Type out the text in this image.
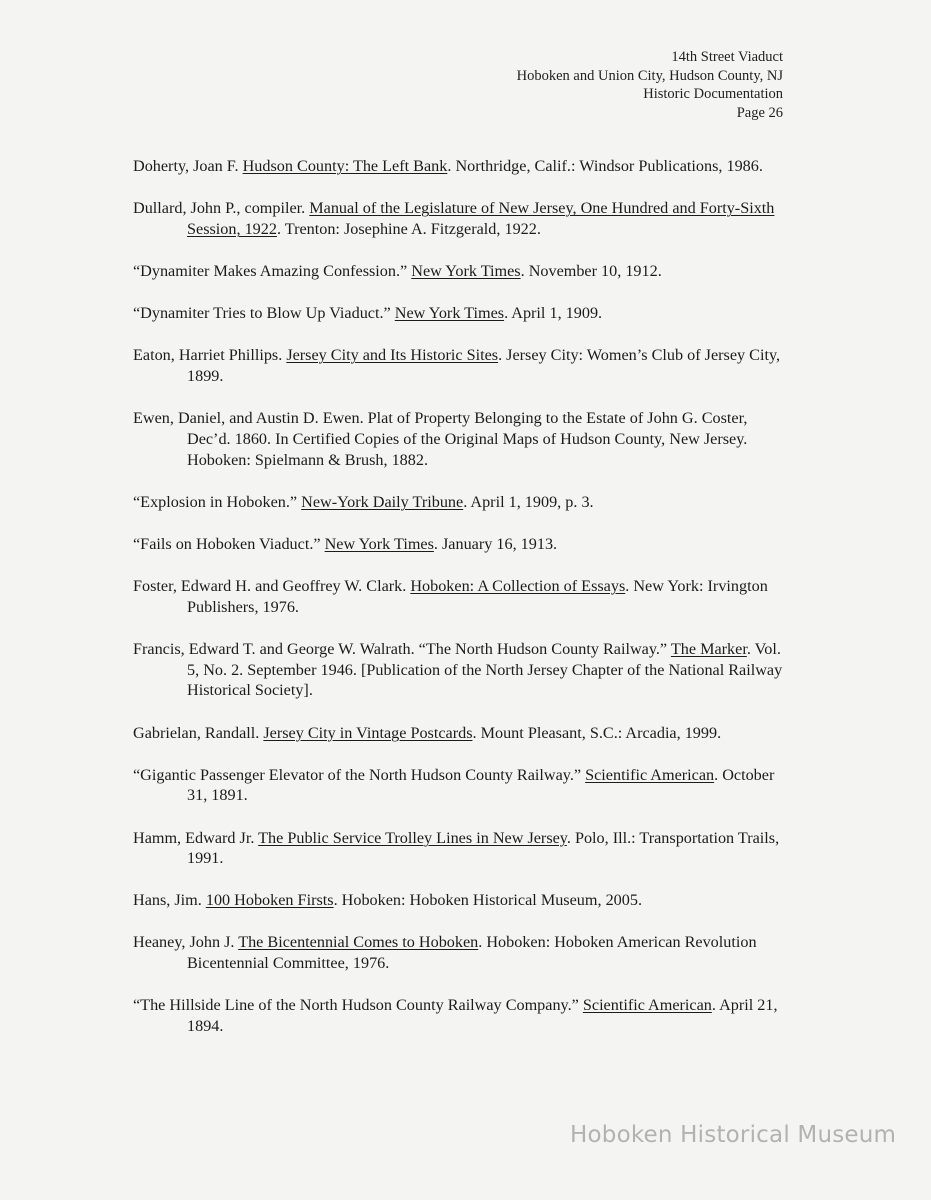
14th Street Viaduct
Hoboken and Union City, Hudson County, NJ
Historic Documentation
Page 26

Doherty, Joan F. Hudson County: The Left Bank. Northridge, Calif.: Windsor Publications, 1986.

Dullard, John P., compiler. Manual of the Legislature of New Jersey, One Hundred and Forty-Sixth Session, 1922. Trenton: Josephine A. Fitzgerald, 1922.

“Dynamiter Makes Amazing Confession.” New York Times. November 10, 1912.

“Dynamiter Tries to Blow Up Viaduct.” New York Times. April 1, 1909.

Eaton, Harriet Phillips. Jersey City and Its Historic Sites. Jersey City: Women’s Club of Jersey City, 1899.

Ewen, Daniel, and Austin D. Ewen. Plat of Property Belonging to the Estate of John G. Coster, Dec’d. 1860. In Certified Copies of the Original Maps of Hudson County, New Jersey. Hoboken: Spielmann & Brush, 1882.

“Explosion in Hoboken.” New-York Daily Tribune. April 1, 1909, p. 3.

“Fails on Hoboken Viaduct.” New York Times. January 16, 1913.

Foster, Edward H. and Geoffrey W. Clark. Hoboken: A Collection of Essays. New York: Irvington Publishers, 1976.

Francis, Edward T. and George W. Walrath. “The North Hudson County Railway.” The Marker. Vol. 5, No. 2. September 1946. [Publication of the North Jersey Chapter of the National Railway Historical Society].

Gabrielan, Randall. Jersey City in Vintage Postcards. Mount Pleasant, S.C.: Arcadia, 1999.

“Gigantic Passenger Elevator of the North Hudson County Railway.” Scientific American. October 31, 1891.

Hamm, Edward Jr. The Public Service Trolley Lines in New Jersey. Polo, Ill.: Transportation Trails, 1991.

Hans, Jim. 100 Hoboken Firsts. Hoboken: Hoboken Historical Museum, 2005.

Heaney, John J. The Bicentennial Comes to Hoboken. Hoboken: Hoboken American Revolution Bicentennial Committee, 1976.

“The Hillside Line of the North Hudson County Railway Company.” Scientific American. April 21, 1894.

Hoboken Historical Museum
